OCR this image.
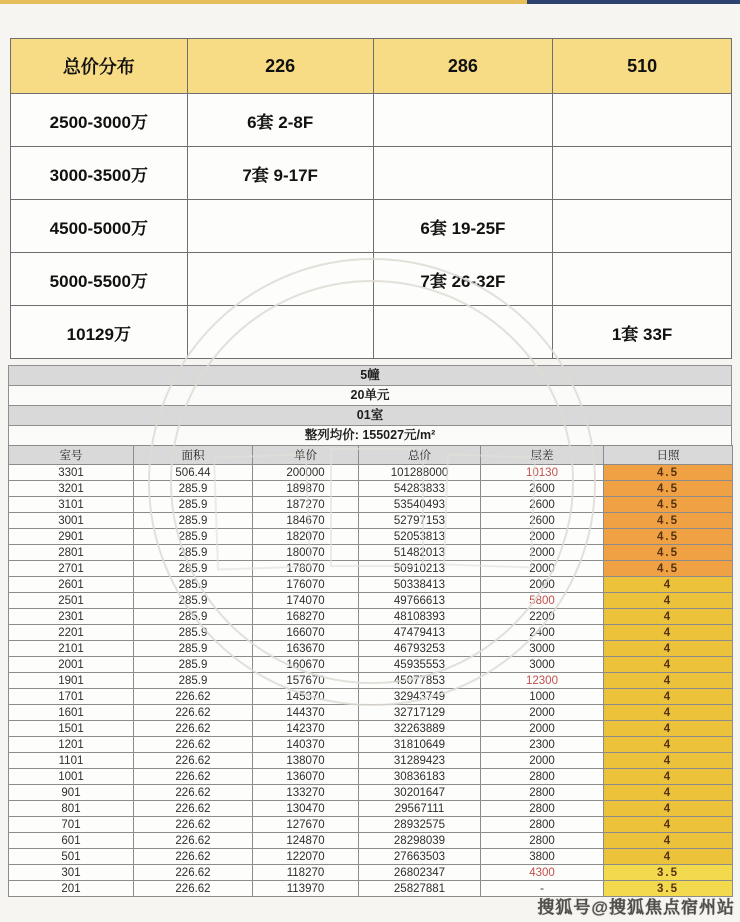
总价分布	226	286	510
2500-3000万	6套 2-8F		
3000-3500万	7套 9-17F		
4500-5000万		6套 19-25F	
5000-5500万		7套 26-32F	
10129万			1套 33F
5幢
20单元
01室
整列均价: 155027元/m²
室号	面积	单价	总价	层差	日照
3301	506.44	200000	101288000	10130	4.5
3201	285.9	189870	54283833	2600	4.5
3101	285.9	187270	53540493	2600	4.5
3001	285.9	184670	52797153	2600	4.5
2901	285.9	182070	52053813	2000	4.5
2801	285.9	180070	51482013	2000	4.5
2701	285.9	178070	50910213	2000	4.5
2601	285.9	176070	50338413	2000	4
2501	285.9	174070	49766613	5800	4
2301	285.9	168270	48108393	2200	4
2201	285.9	166070	47479413	2400	4
2101	285.9	163670	46793253	3000	4
2001	285.9	160670	45935553	3000	4
1901	285.9	157670	45077853	12300	4
1701	226.62	145370	32943749	1000	4
1601	226.62	144370	32717129	2000	4
1501	226.62	142370	32263889	2000	4
1201	226.62	140370	31810649	2300	4
1101	226.62	138070	31289423	2000	4
1001	226.62	136070	30836183	2800	4
901	226.62	133270	30201647	2800	4
801	226.62	130470	29567111	2800	4
701	226.62	127670	28932575	2800	4
601	226.62	124870	28298039	2800	4
501	226.62	122070	27663503	3800	4
301	226.62	118270	26802347	4300	3.5
201	226.62	113970	25827881	-	3.5
搜狐号@搜狐焦点宿州站
